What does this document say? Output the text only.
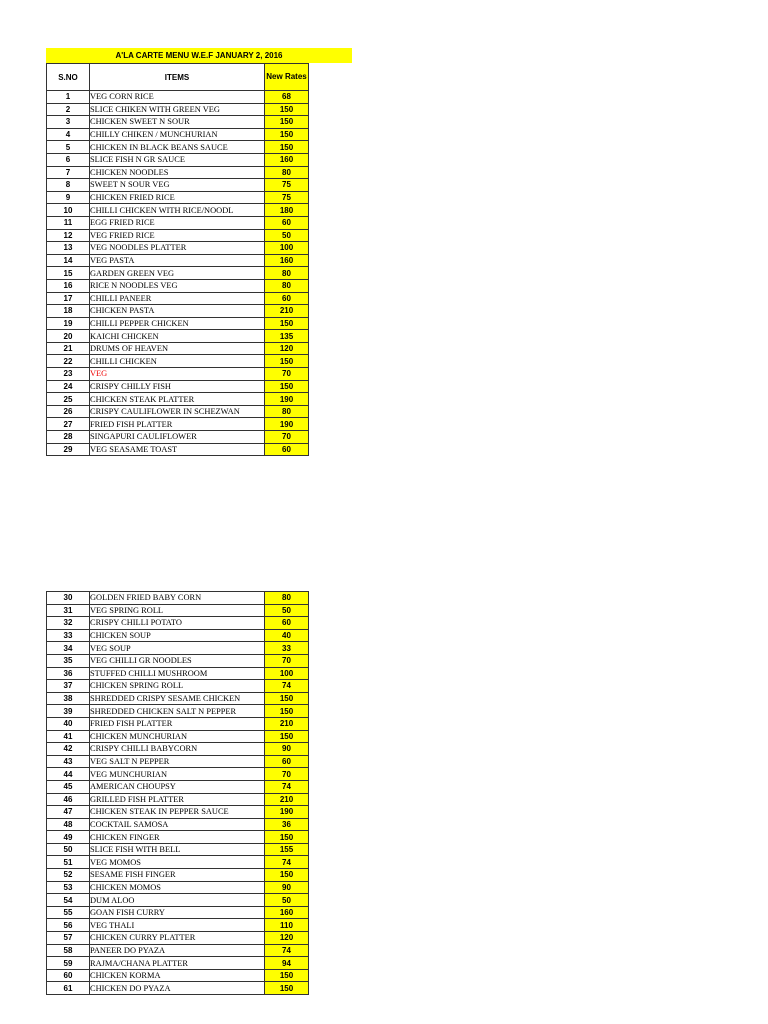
A'LA CARTE MENU W.E.F JANUARY 2, 2016
S.NO	ITEMS	New Rates
1	VEG CORN RICE	68
2	SLICE CHIKEN WITH GREEN VEG	150
3	CHICKEN SWEET N SOUR	150
4	CHILLY CHIKEN / MUNCHURIAN	150
5	CHICKEN IN BLACK BEANS SAUCE	150
6	SLICE FISH N GR SAUCE	160
7	CHICKEN NOODLES	80
8	SWEET N SOUR VEG	75
9	CHICKEN FRIED RICE	75
10	CHILLI CHICKEN WITH RICE/NOODL	180
11	EGG FRIED RICE	60
12	VEG FRIED RICE	50
13	VEG NOODLES PLATTER	100
14	VEG PASTA	160
15	GARDEN GREEN VEG	80
16	RICE N NOODLES VEG	80
17	CHILLI PANEER	60
18	CHICKEN PASTA	210
19	CHILLI PEPPER CHICKEN	150
20	KAICHI CHICKEN	135
21	DRUMS OF HEAVEN	120
22	CHILLI CHICKEN	150
23	VEG	70
24	CRISPY CHILLY FISH	150
25	CHICKEN STEAK PLATTER	190
26	CRISPY CAULIFLOWER IN SCHEZWAN	80
27	FRIED FISH PLATTER	190
28	SINGAPURI CAULIFLOWER	70
29	VEG SEASAME TOAST	60
30	GOLDEN FRIED BABY CORN	80
31	VEG SPRING ROLL	50
32	CRISPY CHILLI POTATO	60
33	CHICKEN SOUP	40
34	VEG SOUP	33
35	VEG CHILLI GR NOODLES	70
36	STUFFED CHILLI MUSHROOM	100
37	CHICKEN SPRING ROLL	74
38	SHREDDED CRISPY SESAME CHICKEN	150
39	SHREDDED CHICKEN SALT N PEPPER	150
40	FRIED FISH PLATTER	210
41	CHICKEN MUNCHURIAN	150
42	CRISPY CHILLI BABYCORN	90
43	VEG SALT N PEPPER	60
44	VEG MUNCHURIAN	70
45	AMERICAN CHOUPSY	74
46	GRILLED FISH PLATTER	210
47	CHICKEN STEAK IN PEPPER SAUCE	190
48	COCKTAIL SAMOSA	36
49	CHICKEN FINGER	150
50	SLICE FISH WITH BELL	155
51	VEG MOMOS	74
52	SESAME FISH FINGER	150
53	CHICKEN MOMOS	90
54	DUM ALOO	50
55	GOAN FISH CURRY	160
56	VEG THALI	110
57	CHICKEN CURRY PLATTER	120
58	PANEER DO PYAZA	74
59	RAJMA/CHANA PLATTER	94
60	CHICKEN KORMA	150
61	CHICKEN DO PYAZA	150
